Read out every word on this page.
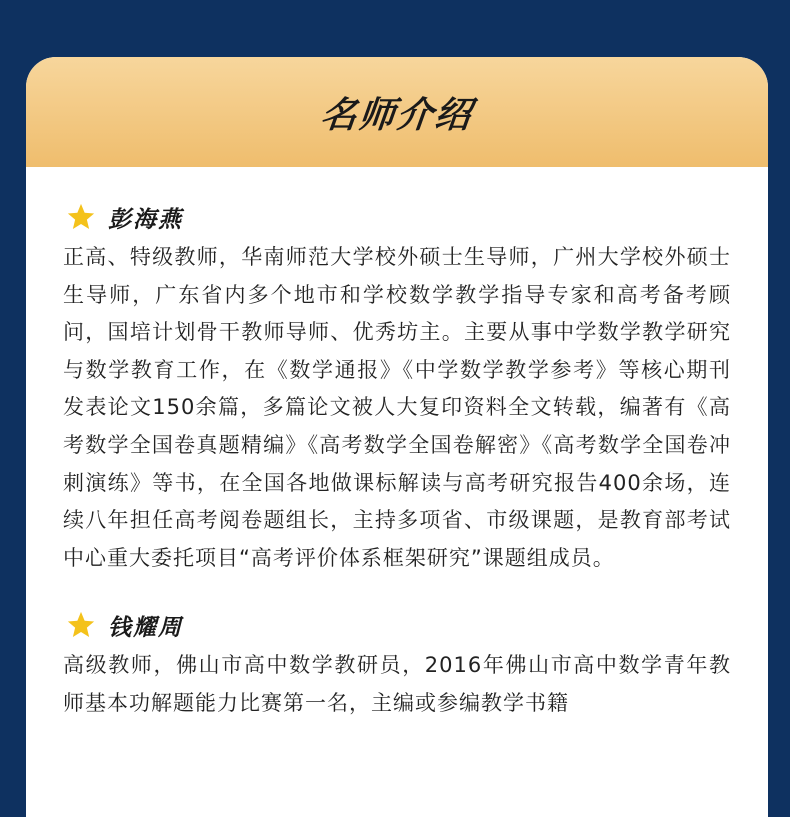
名师介绍
彭海燕

正高、特级教师，华南师范大学校外硕士生导师，广州大学校外硕士生导师，广东省内多个地市和学校数学教学指导专家和高考备考顾问，国培计划骨干教师导师、优秀坊主。主要从事中学数学教学研究与数学教育工作，在《数学通报》《中学数学教学参考》等核心期刊发表论文150余篇，多篇论文被人大复印资料全文转载，编著有《高考数学全国卷真题精编》《高考数学全国卷解密》《高考数学全国卷冲刺演练》等书，在全国各地做课标解读与高考研究报告400余场，连续八年担任高考阅卷题组长，主持多项省、市级课题，是教育部考试中心重大委托项目“高考评价体系框架研究”课题组成员。

钱耀周

高级教师，佛山市高中数学教研员，2016年佛山市高中数学青年教师基本功解题能力比赛第一名，主编或参编教学书籍
